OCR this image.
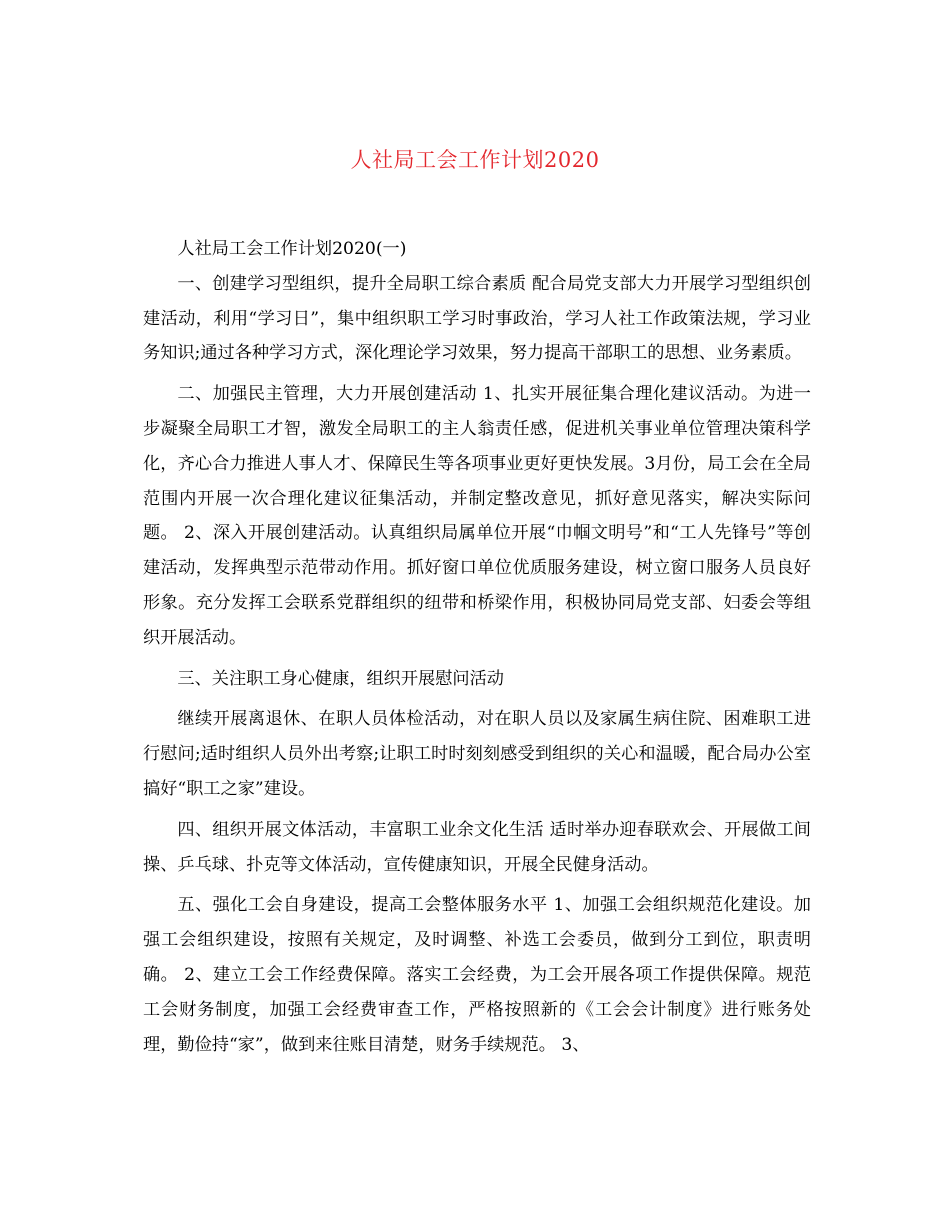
人社局工会工作计划2020

人社局工会工作计划2020(一)

一、创建学习型组织，提升全局职工综合素质 配合局党支部大力开展学习型组织创建活动，利用“学习日”，集中组织职工学习时事政治，学习人社工作政策法规，学习业务知识;通过各种学习方式，深化理论学习效果，努力提高干部职工的思想、业务素质。

二、加强民主管理，大力开展创建活动 1、扎实开展征集合理化建议活动。为进一步凝聚全局职工才智，激发全局职工的主人翁责任感，促进机关事业单位管理决策科学化，齐心合力推进人事人才、保障民生等各项事业更好更快发展。3月份，局工会在全局范围内开展一次合理化建议征集活动，并制定整改意见，抓好意见落实，解决实际问题。 2、深入开展创建活动。认真组织局属单位开展“巾帼文明号”和“工人先锋号”等创建活动，发挥典型示范带动作用。抓好窗口单位优质服务建设，树立窗口服务人员良好形象。充分发挥工会联系党群组织的纽带和桥梁作用，积极协同局党支部、妇委会等组织开展活动。

三、关注职工身心健康，组织开展慰问活动

继续开展离退休、在职人员体检活动，对在职人员以及家属生病住院、困难职工进行慰问;适时组织人员外出考察;让职工时时刻刻感受到组织的关心和温暖，配合局办公室搞好“职工之家”建设。

四、组织开展文体活动，丰富职工业余文化生活 适时举办迎春联欢会、开展做工间操、乒乓球、扑克等文体活动，宣传健康知识，开展全民健身活动。

五、强化工会自身建设，提高工会整体服务水平 1、加强工会组织规范化建设。加强工会组织建设，按照有关规定，及时调整、补选工会委员，做到分工到位，职责明确。 2、建立工会工作经费保障。落实工会经费，为工会开展各项工作提供保障。规范工会财务制度，加强工会经费审查工作，严格按照新的《工会会计制度》进行账务处理，勤俭持“家”，做到来往账目清楚，财务手续规范。 3、
